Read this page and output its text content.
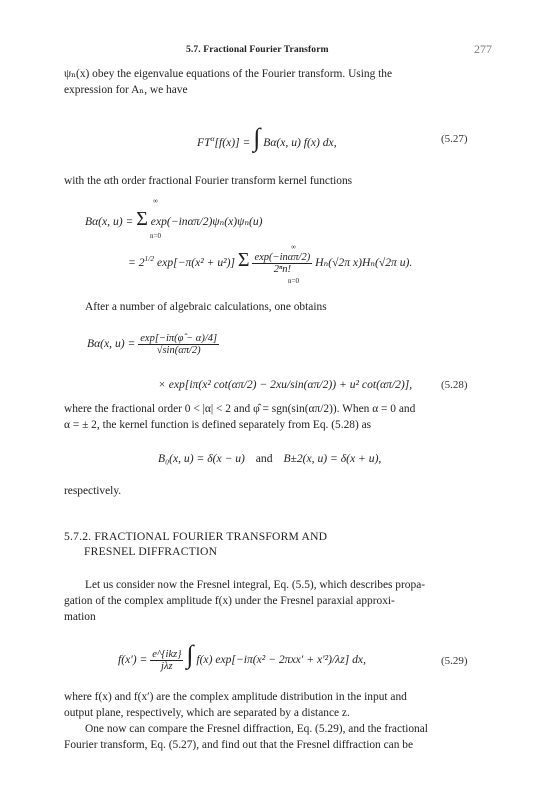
5.7. Fractional Fourier Transform	277
ψₙ(x) obey the eigenvalue equations of the Fourier transform. Using the
expression for Aₙ, we have
$FT^\alpha[f(x)]$ = ∫ Bα(x, u) f(x) dx,	(5.27)
with the αth order fractional Fourier transform kernel functions
∞
Bα(x, u) = Σ exp(−inαπ/2)ψₙ(x)ψₙ(u)
n=0
∞
= $2^{1/2}$ exp[−π(x² + u²)] Σ $\frac{\text{exp(−inαπ/2)}}{\text{2ⁿn!}} H_n(√2\pi$ x)Hₙ(√2π u).
n=0
After a number of algebraic calculations, one obtains
Bα(x, $u) = \frac{\exp[-i\pi(\varphî - \alpha)/4]}{√\sin(\alpha\pi/2)}$
× exp[iπ(x² cot(απ/2) − 2xu/sin(απ/2)) + u² cot(απ/2)],	(5.28)
where the fractional order 0 < |α| < 2 and φ̂ = sgn(sin(απ/2)). When α = 0 and
α = ± 2, the kernel function is defined separately from Eq. (5.28) as
B₀(x, u) = δ(x − u) and B±2(x, u) = δ(x + u),
respectively.
5.7.2. FRACTIONAL FOURIER TRANSFORM AND
FRESNEL DIFFRACTION
Let us consider now the Fresnel integral, Eq. (5.5), which describes propa-
gation of the complex amplitude f(x) under the Fresnel paraxial approxi-
mation
$f(x') = \frac{\text{e\textasciicircum{}\{ikz\}}}{\text{jλz}}$ ∫ f(x) exp[−iπ(x² − 2πxx′ + x′²)/λz] dx,	(5.29)
where f(x) and f(x′) are the complex amplitude distribution in the input and
output plane, respectively, which are separated by a distance z.
One now can compare the Fresnel diffraction, Eq. (5.29), and the fractional
Fourier transform, Eq. (5.27), and find out that the Fresnel diffraction can be
